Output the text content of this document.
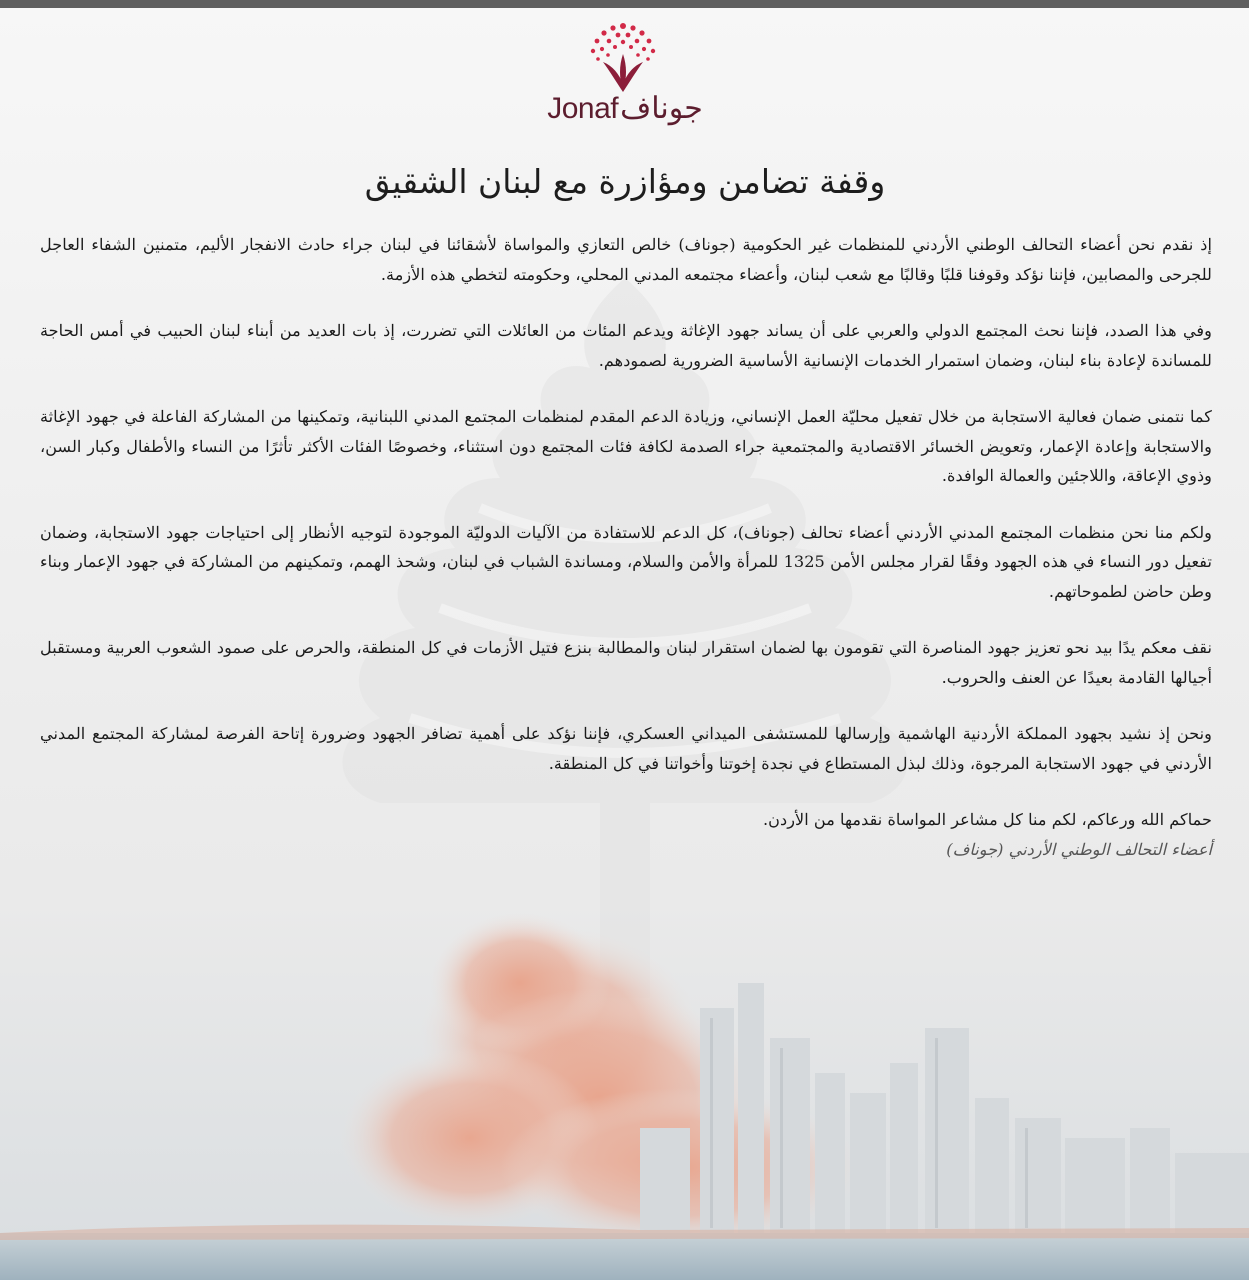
Jonafجوناف
وقفة تضامن ومؤازرة مع لبنان الشقيق

إذ نقدم نحن أعضاء التحالف الوطني الأردني للمنظمات غير الحكومية (جوناف) خالص التعازي والمواساة لأشقائنا في لبنان جراء حادث الانفجار الأليم، متمنين الشفاء العاجل للجرحى والمصابين، فإننا نؤكد وقوفنا قلبًا وقالبًا مع شعب لبنان، وأعضاء مجتمعه المدني المحلي، وحكومته لتخطي هذه الأزمة.

وفي هذا الصدد، فإننا نحث المجتمع الدولي والعربي على أن يساند جهود الإغاثة ويدعم المئات من العائلات التي تضررت، إذ بات العديد من أبناء لبنان الحبيب في أمس الحاجة للمساندة لإعادة بناء لبنان، وضمان استمرار الخدمات الإنسانية الأساسية الضرورية لصمودهم.

كما نتمنى ضمان فعالية الاستجابة من خلال تفعيل محليّة العمل الإنساني، وزيادة الدعم المقدم لمنظمات المجتمع المدني اللبنانية، وتمكينها من المشاركة الفاعلة في جهود الإغاثة والاستجابة وإعادة الإعمار، وتعويض الخسائر الاقتصادية والمجتمعية جراء الصدمة لكافة فئات المجتمع دون استثناء، وخصوصًا الفئات الأكثر تأثرًا من النساء والأطفال وكبار السن، وذوي الإعاقة، واللاجئين والعمالة الوافدة.

ولكم منا نحن منظمات المجتمع المدني الأردني أعضاء تحالف (جوناف)، كل الدعم للاستفادة من الآليات الدوليّة الموجودة لتوجيه الأنظار إلى احتياجات جهود الاستجابة، وضمان تفعيل دور النساء في هذه الجهود وفقًا لقرار مجلس الأمن 1325 للمرأة والأمن والسلام، ومساندة الشباب في لبنان، وشحذ الهمم، وتمكينهم من المشاركة في جهود الإعمار وبناء وطن حاضن لطموحاتهم.

نقف معكم يدًا بيد نحو تعزيز جهود المناصرة التي تقومون بها لضمان استقرار لبنان والمطالبة بنزع فتيل الأزمات في كل المنطقة، والحرص على صمود الشعوب العربية ومستقبل أجيالها القادمة بعيدًا عن العنف والحروب.

ونحن إذ نشيد بجهود المملكة الأردنية الهاشمية وإرسالها للمستشفى الميداني العسكري، فإننا نؤكد على أهمية تضافر الجهود وضرورة إتاحة الفرصة لمشاركة المجتمع المدني الأردني في جهود الاستجابة المرجوة، وذلك لبذل المستطاع في نجدة إخوتنا وأخواتنا في كل المنطقة.

حماكم الله ورعاكم، لكم منا كل مشاعر المواساة نقدمها من الأردن.

أعضاء التحالف الوطني الأردني (جوناف)
